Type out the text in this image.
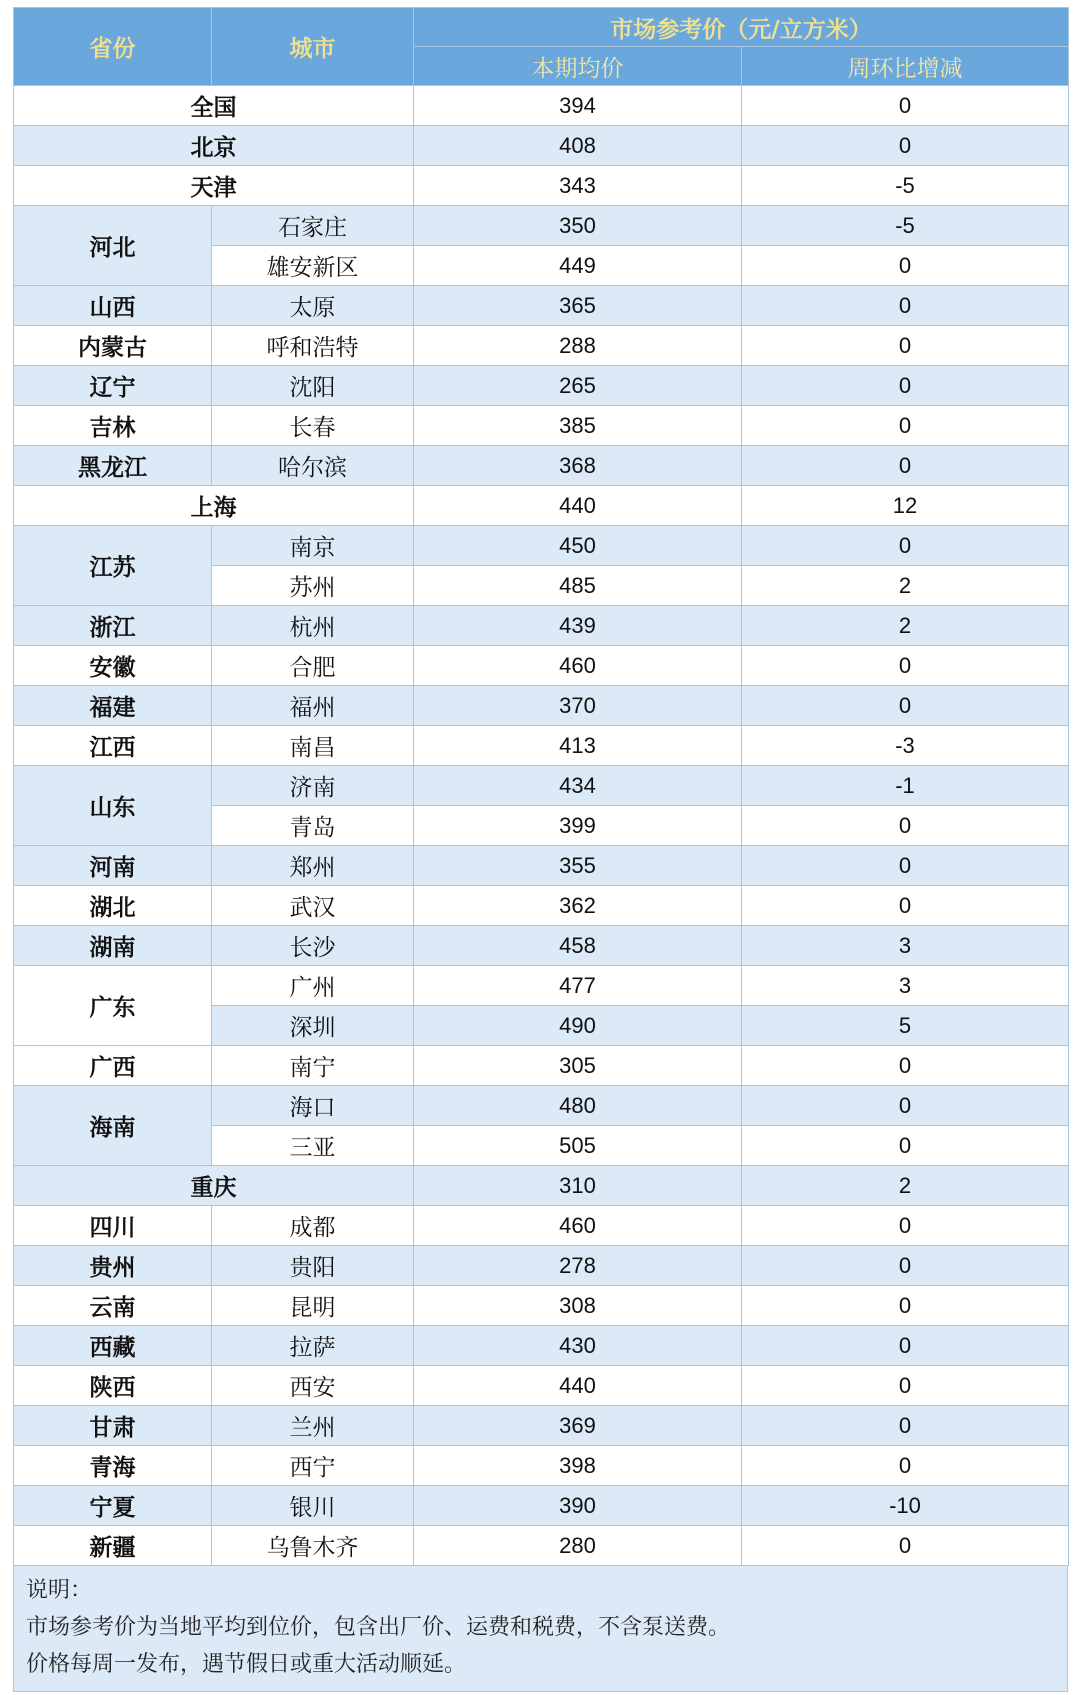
省份	城市	市场参考价（元/立方米）	
		本期均价	周环比增减
全国		394	0
北京		408	0
天津		343	-5
河北	石家庄	350	-5
	雄安新区	449	0
山西	太原	365	0
内蒙古	呼和浩特	288	0
辽宁	沈阳	265	0
吉林	长春	385	0
黑龙江	哈尔滨	368	0
上海		440	12
江苏	南京	450	0
	苏州	485	2
浙江	杭州	439	2
安徽	合肥	460	0
福建	福州	370	0
江西	南昌	413	-3
山东	济南	434	-1
	青岛	399	0
河南	郑州	355	0
湖北	武汉	362	0
湖南	长沙	458	3
广东	广州	477	3
	深圳	490	5
广西	南宁	305	0
海南	海口	480	0
	三亚	505	0
重庆		310	2
四川	成都	460	0
贵州	贵阳	278	0
云南	昆明	308	0
西藏	拉萨	430	0
陕西	西安	440	0
甘肃	兰州	369	0
青海	西宁	398	0
宁夏	银川	390	-10
新疆	乌鲁木齐	280	0
说明：
市场参考价为当地平均到位价，包含出厂价、运费和税费，不含泵送费。
价格每周一发布，遇节假日或重大活动顺延。
